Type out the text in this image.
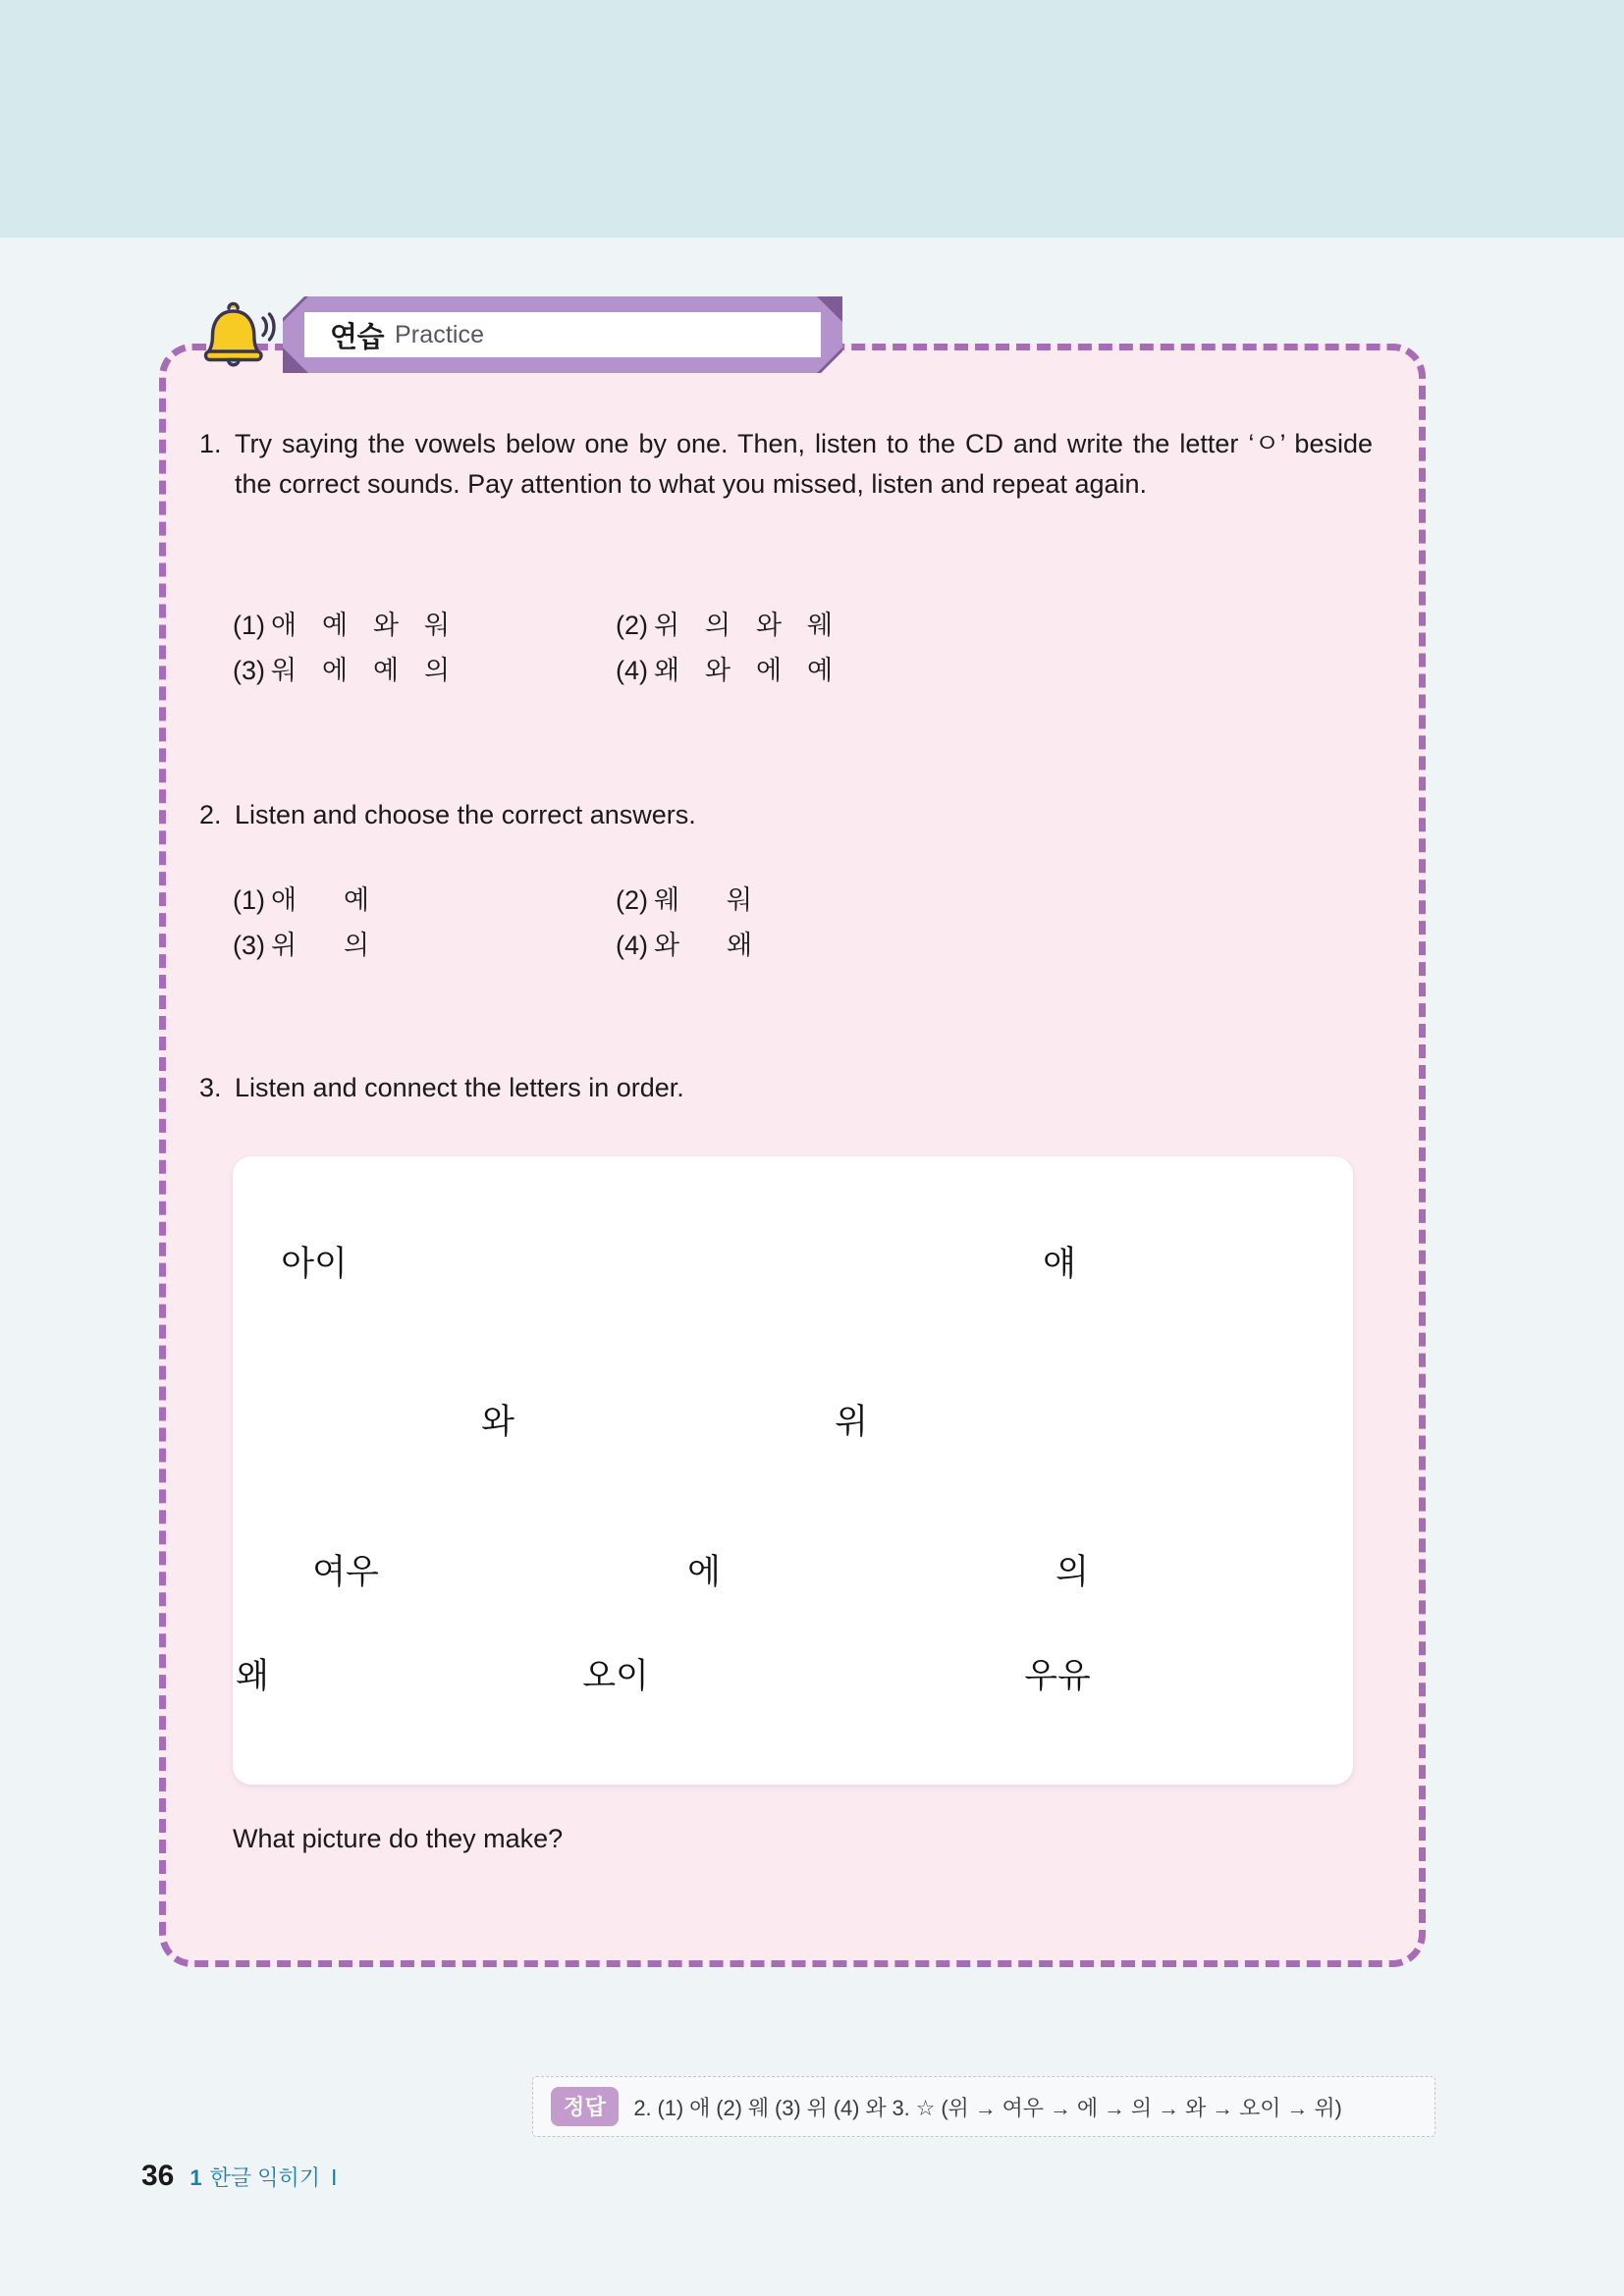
연습 Practice
1. Try saying the vowels below one by one. Then, listen to the CD and write the letter ‘ㅇ’ beside the correct sounds. Pay attention to what you missed, listen and repeat again.
(1) 애 예 와 워	(2) 위 의 와 웨
(3) 워 에 예 의	(4) 왜 와 에 예
2. Listen and choose the correct answers.
(1) 애	예	(2) 웨	워
(3) 위	의	(4) 와	왜
3. Listen and connect the letters in order.
아이	얘
와	위
여우	에	의
왜	오이	우유
What picture do they make?
정답	2. (1) 애 (2) 웨 (3) 위 (4) 와 3. ☆ (위 → 여우 → 에 → 의 → 와 → 오이 → 위)
36 1 한글 익히기 Ⅰ
